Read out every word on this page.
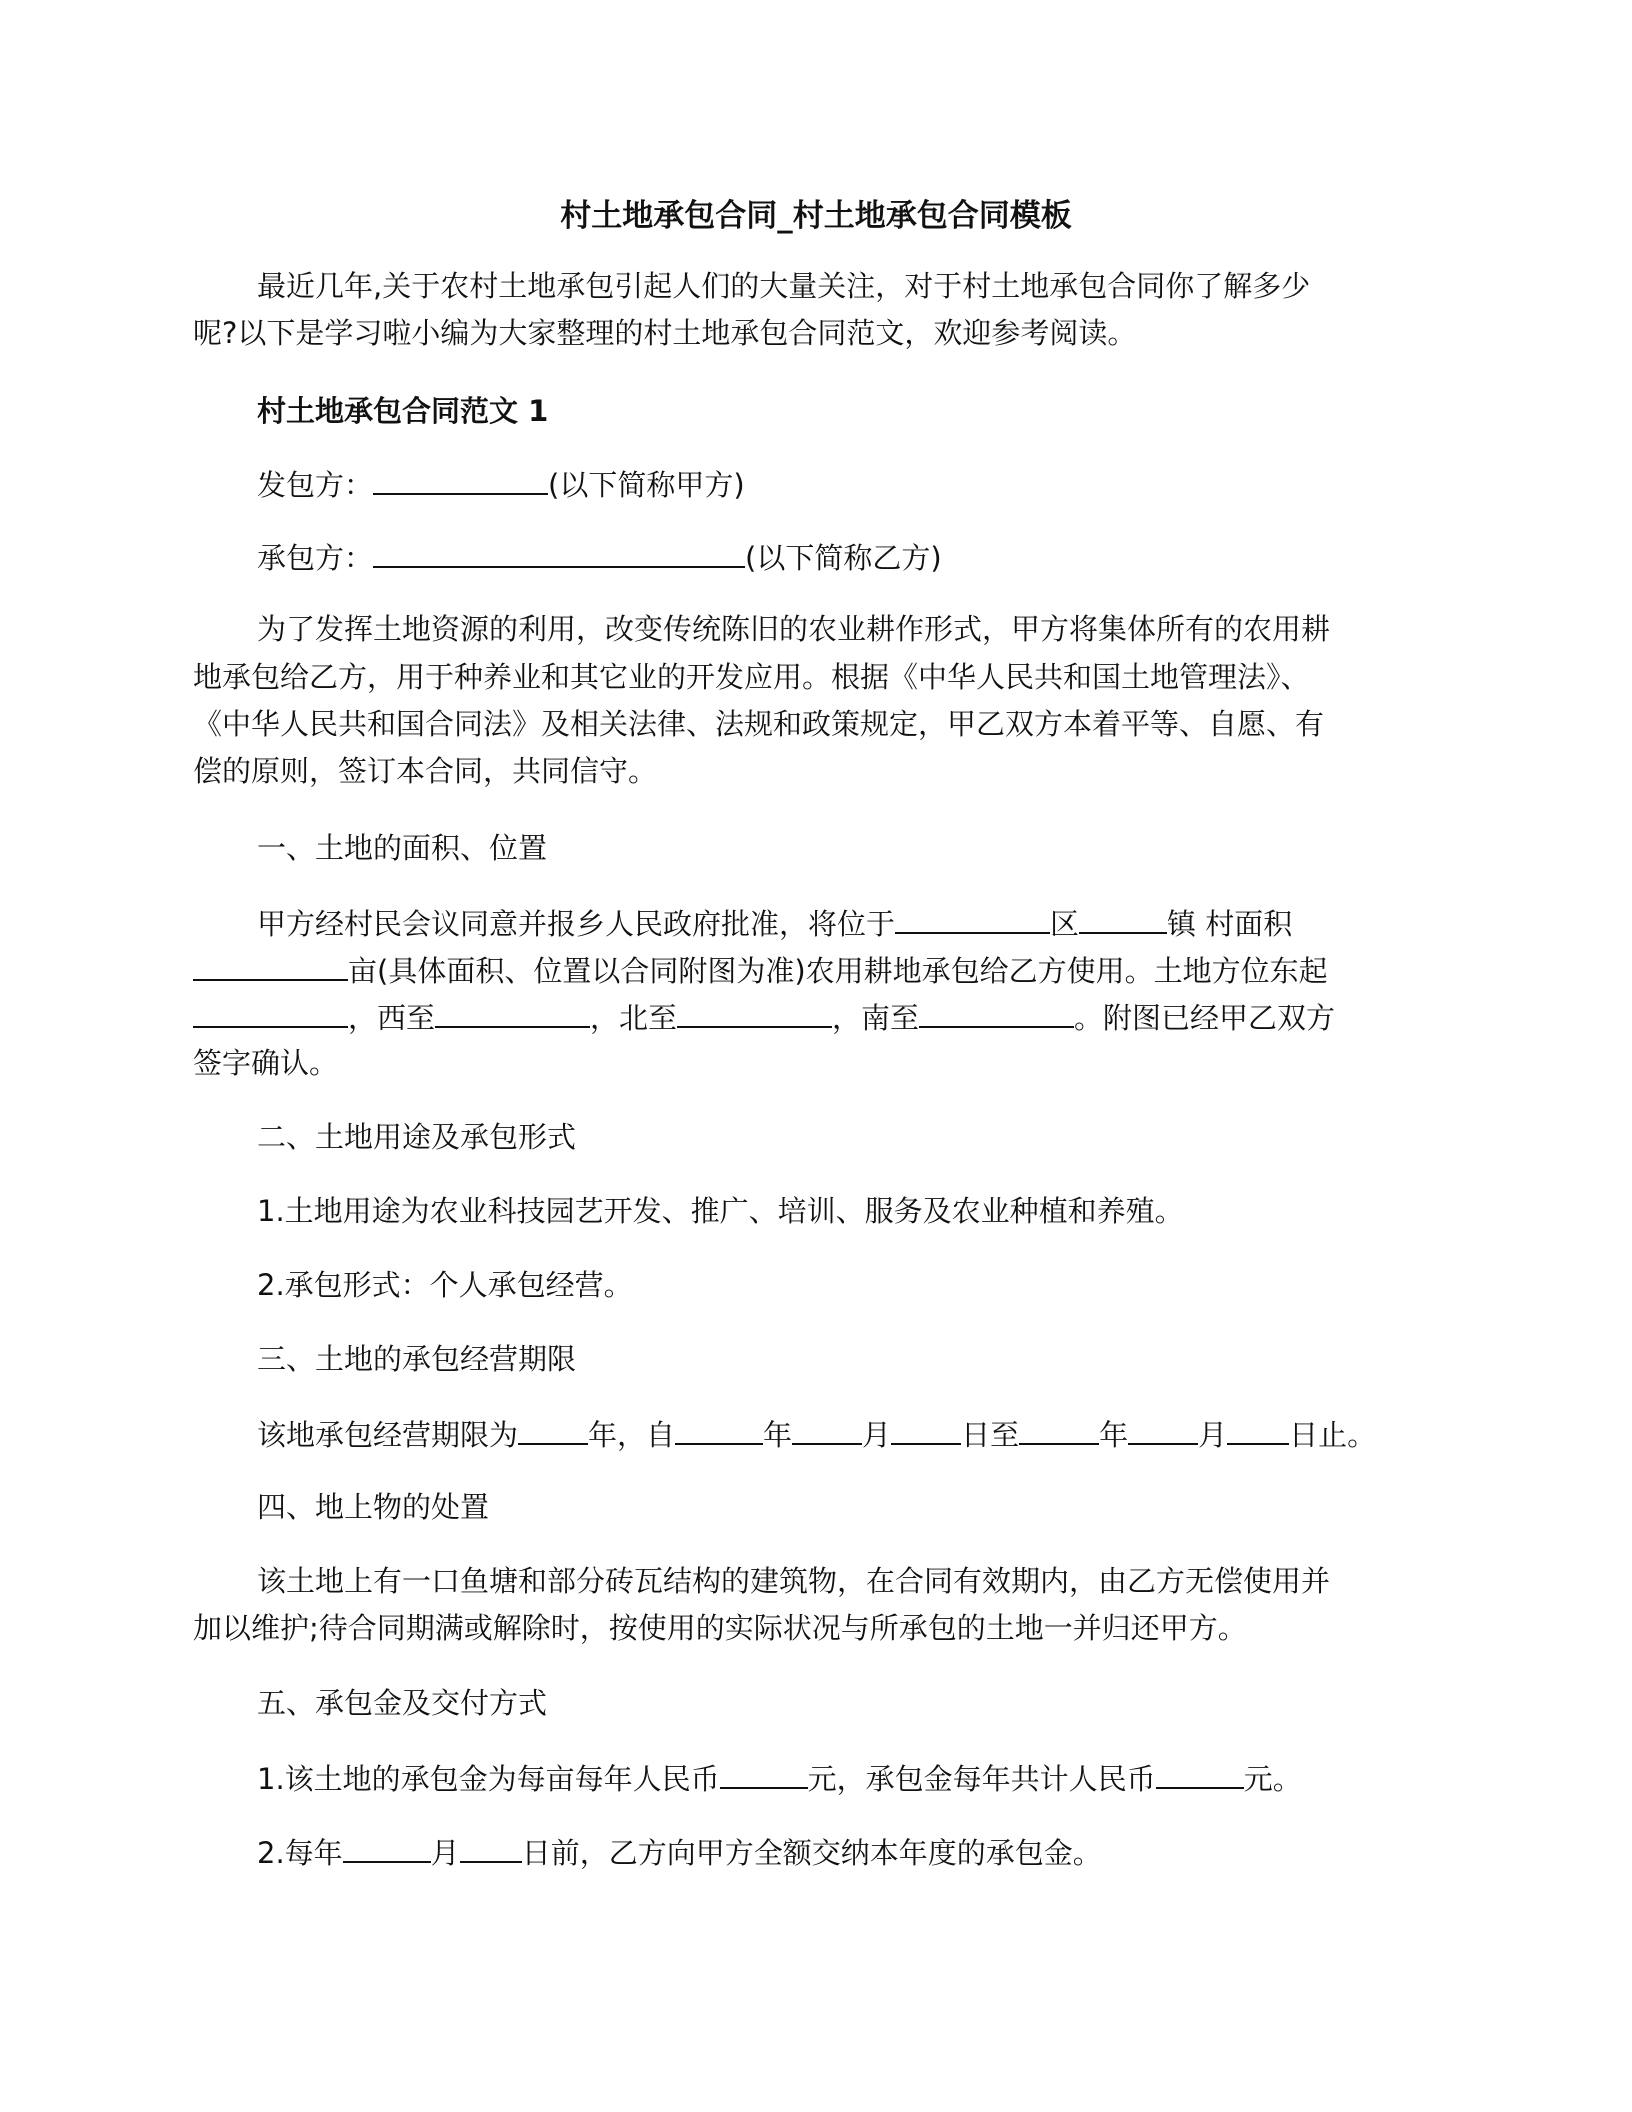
村土地承包合同_村土地承包合同模板
最近几年,关于农村土地承包引起人们的大量关注，对于村土地承包合同你了解多少
呢?以下是学习啦小编为大家整理的村土地承包合同范文，欢迎参考阅读。
村土地承包合同范文 1
发包方：	(以下简称甲方)
承包方：	(以下简称乙方)
为了发挥土地资源的利用，改变传统陈旧的农业耕作形式，甲方将集体所有的农用耕
地承包给乙方，用于种养业和其它业的开发应用。根据《中华人民共和国土地管理法》、
《中华人民共和国合同法》及相关法律、法规和政策规定，甲乙双方本着平等、自愿、有
偿的原则，签订本合同，共同信守。
一、土地的面积、位置
甲方经村民会议同意并报乡人民政府批准，将位于	区	镇 村面积
亩(具体面积、位置以合同附图为准)农用耕地承包给乙方使用。土地方位东起
，西至	，北至	，南至	。附图已经甲乙双方
签字确认。
二、土地用途及承包形式
1.土地用途为农业科技园艺开发、推广、培训、服务及农业种植和养殖。
2.承包形式：个人承包经营。
三、土地的承包经营期限
该地承包经营期限为 年，自	年 月 日至	年 月 日止。
四、地上物的处置
该土地上有一口鱼塘和部分砖瓦结构的建筑物，在合同有效期内，由乙方无偿使用并
加以维护;待合同期满或解除时，按使用的实际状况与所承包的土地一并归还甲方。
五、承包金及交付方式
1.该土地的承包金为每亩每年人民币	元，承包金每年共计人民币	元。
2.每年	月 日前，乙方向甲方全额交纳本年度的承包金。
